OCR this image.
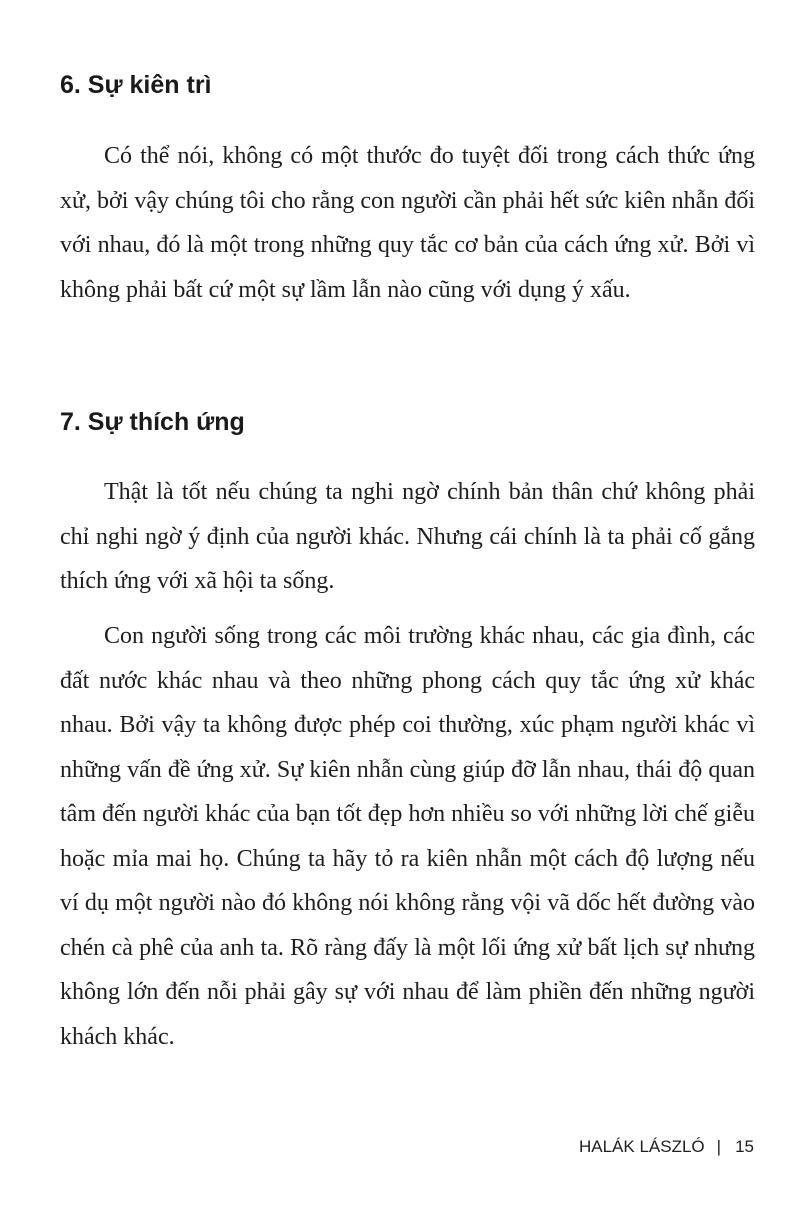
6. Sự kiên trì

Có thể nói, không có một thước đo tuyệt đối trong cách thức ứng xử, bởi vậy chúng tôi cho rằng con người cần phải hết sức kiên nhẫn đối với nhau, đó là một trong những quy tắc cơ bản của cách ứng xử. Bởi vì không phải bất cứ một sự lầm lẫn nào cũng với dụng ý xấu.

7. Sự thích ứng

Thật là tốt nếu chúng ta nghi ngờ chính bản thân chứ không phải chỉ nghi ngờ ý định của người khác. Nhưng cái chính là ta phải cố gắng thích ứng với xã hội ta sống.

Con người sống trong các môi trường khác nhau, các gia đình, các đất nước khác nhau và theo những phong cách quy tắc ứng xử khác nhau. Bởi vậy ta không được phép coi thường, xúc phạm người khác vì những vấn đề ứng xử. Sự kiên nhẫn cùng giúp đỡ lẫn nhau, thái độ quan tâm đến người khác của bạn tốt đẹp hơn nhiều so với những lời chế giễu hoặc mỉa mai họ. Chúng ta hãy tỏ ra kiên nhẫn một cách độ lượng nếu ví dụ một người nào đó không nói không rằng vội vã dốc hết đường vào chén cà phê của anh ta. Rõ ràng đấy là một lối ứng xử bất lịch sự nhưng không lớn đến nỗi phải gây sự với nhau để làm phiền đến những người khách khác.

HALÁK LÁSZLÓ | 15
